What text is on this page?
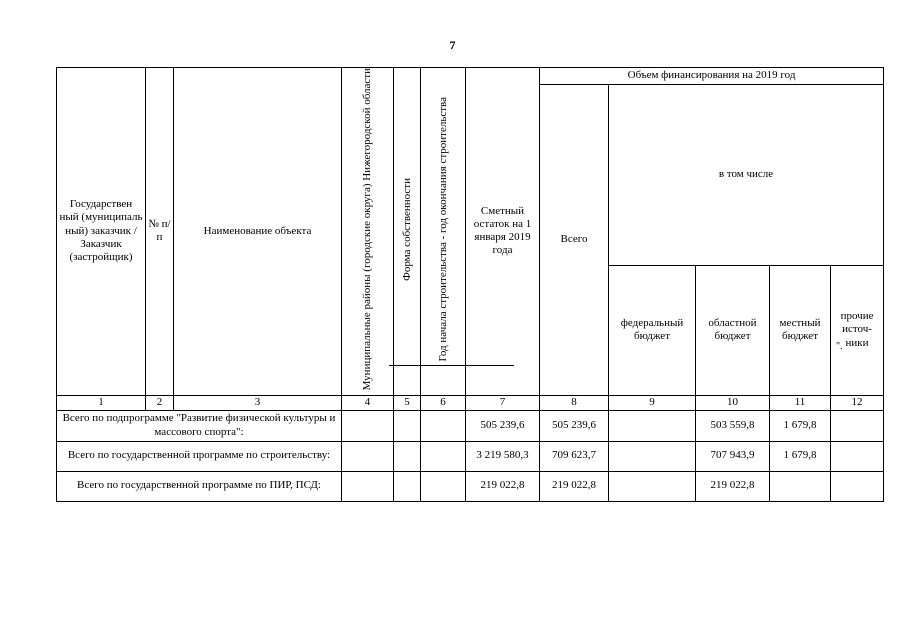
7
Государствен ный (муниципаль ный) заказчик / Заказчик (застройщик)	№ п/п	Наименование объекта	Муниципальные районы (городские округа) Нижегородской области	Форма собственности	Год начала строительства - год окончания строительства	Сметный остаток на 1 января 2019 года	Объем финансирования на 2019 год				
							Всего	в том числе			
								федеральный бюджет	областной бюджет	местный бюджет	прочие источ-ники
1	2	3	4	5	6	7	8	9	10	11	12
Всего по подпрограмме "Развитие физической культуры и массового спорта":						505 239,6	505 239,6		503 559,8	1 679,8	
Всего по государственной программе по строительству:						3 219 580,3	709 623,7		707 943,9	1 679,8	
Всего по государственной программе по ПИР, ПСД:						219 022,8	219 022,8		219 022,8		
".
